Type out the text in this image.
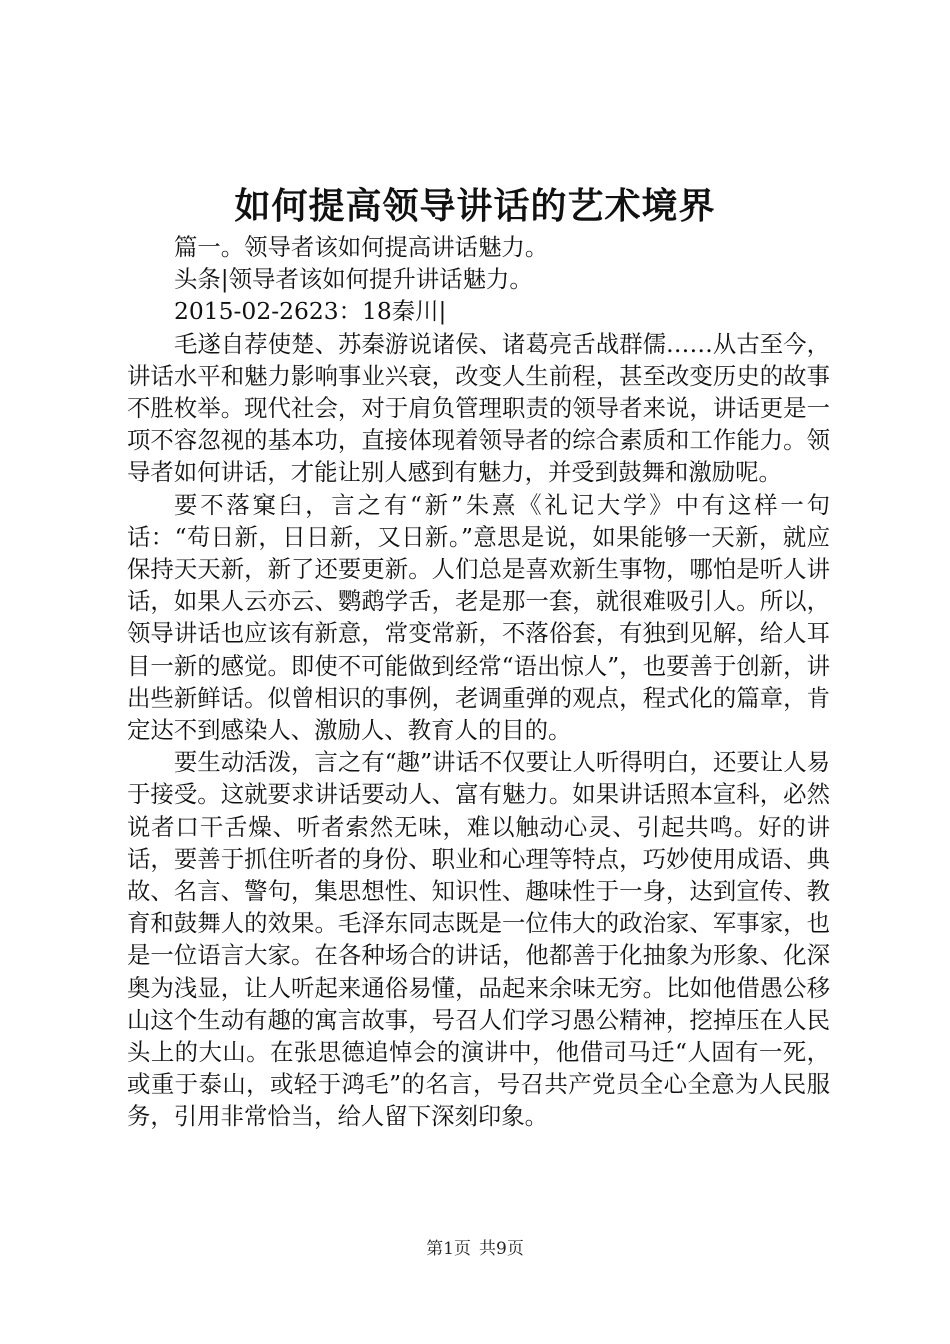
如何提高领导讲话的艺术境界

篇一。领导者该如何提高讲话魅力。

头条|领导者该如何提升讲话魅力。

2015-02-2623：18秦川|

毛遂自荐使楚、苏秦游说诸侯、诸葛亮舌战群儒……从古至今，讲话水平和魅力影响事业兴衰，改变人生前程，甚至改变历史的故事不胜枚举。现代社会，对于肩负管理职责的领导者来说，讲话更是一项不容忽视的基本功，直接体现着领导者的综合素质和工作能力。领导者如何讲话，才能让别人感到有魅力，并受到鼓舞和激励呢。

要不落窠臼，言之有“新”朱熹《礼记大学》中有这样一句话：“苟日新，日日新，又日新。”意思是说，如果能够一天新，就应保持天天新，新了还要更新。人们总是喜欢新生事物，哪怕是听人讲话，如果人云亦云、鹦鹉学舌，老是那一套，就很难吸引人。所以，领导讲话也应该有新意，常变常新，不落俗套，有独到见解，给人耳目一新的感觉。即使不可能做到经常“语出惊人”，也要善于创新，讲出些新鲜话。似曾相识的事例，老调重弹的观点，程式化的篇章，肯定达不到感染人、激励人、教育人的目的。

要生动活泼，言之有“趣”讲话不仅要让人听得明白，还要让人易于接受。这就要求讲话要动人、富有魅力。如果讲话照本宣科，必然说者口干舌燥、听者索然无味，难以触动心灵、引起共鸣。好的讲话，要善于抓住听者的身份、职业和心理等特点，巧妙使用成语、典故、名言、警句，集思想性、知识性、趣味性于一身，达到宣传、教育和鼓舞人的效果。毛泽东同志既是一位伟大的政治家、军事家，也是一位语言大家。在各种场合的讲话，他都善于化抽象为形象、化深奥为浅显，让人听起来通俗易懂，品起来余味无穷。比如他借愚公移山这个生动有趣的寓言故事，号召人们学习愚公精神，挖掉压在人民头上的大山。在张思德追悼会的演讲中，他借司马迁“人固有一死，或重于泰山，或轻于鸿毛”的名言，号召共产党员全心全意为人民服务，引用非常恰当，给人留下深刻印象。

第1页 共9页
